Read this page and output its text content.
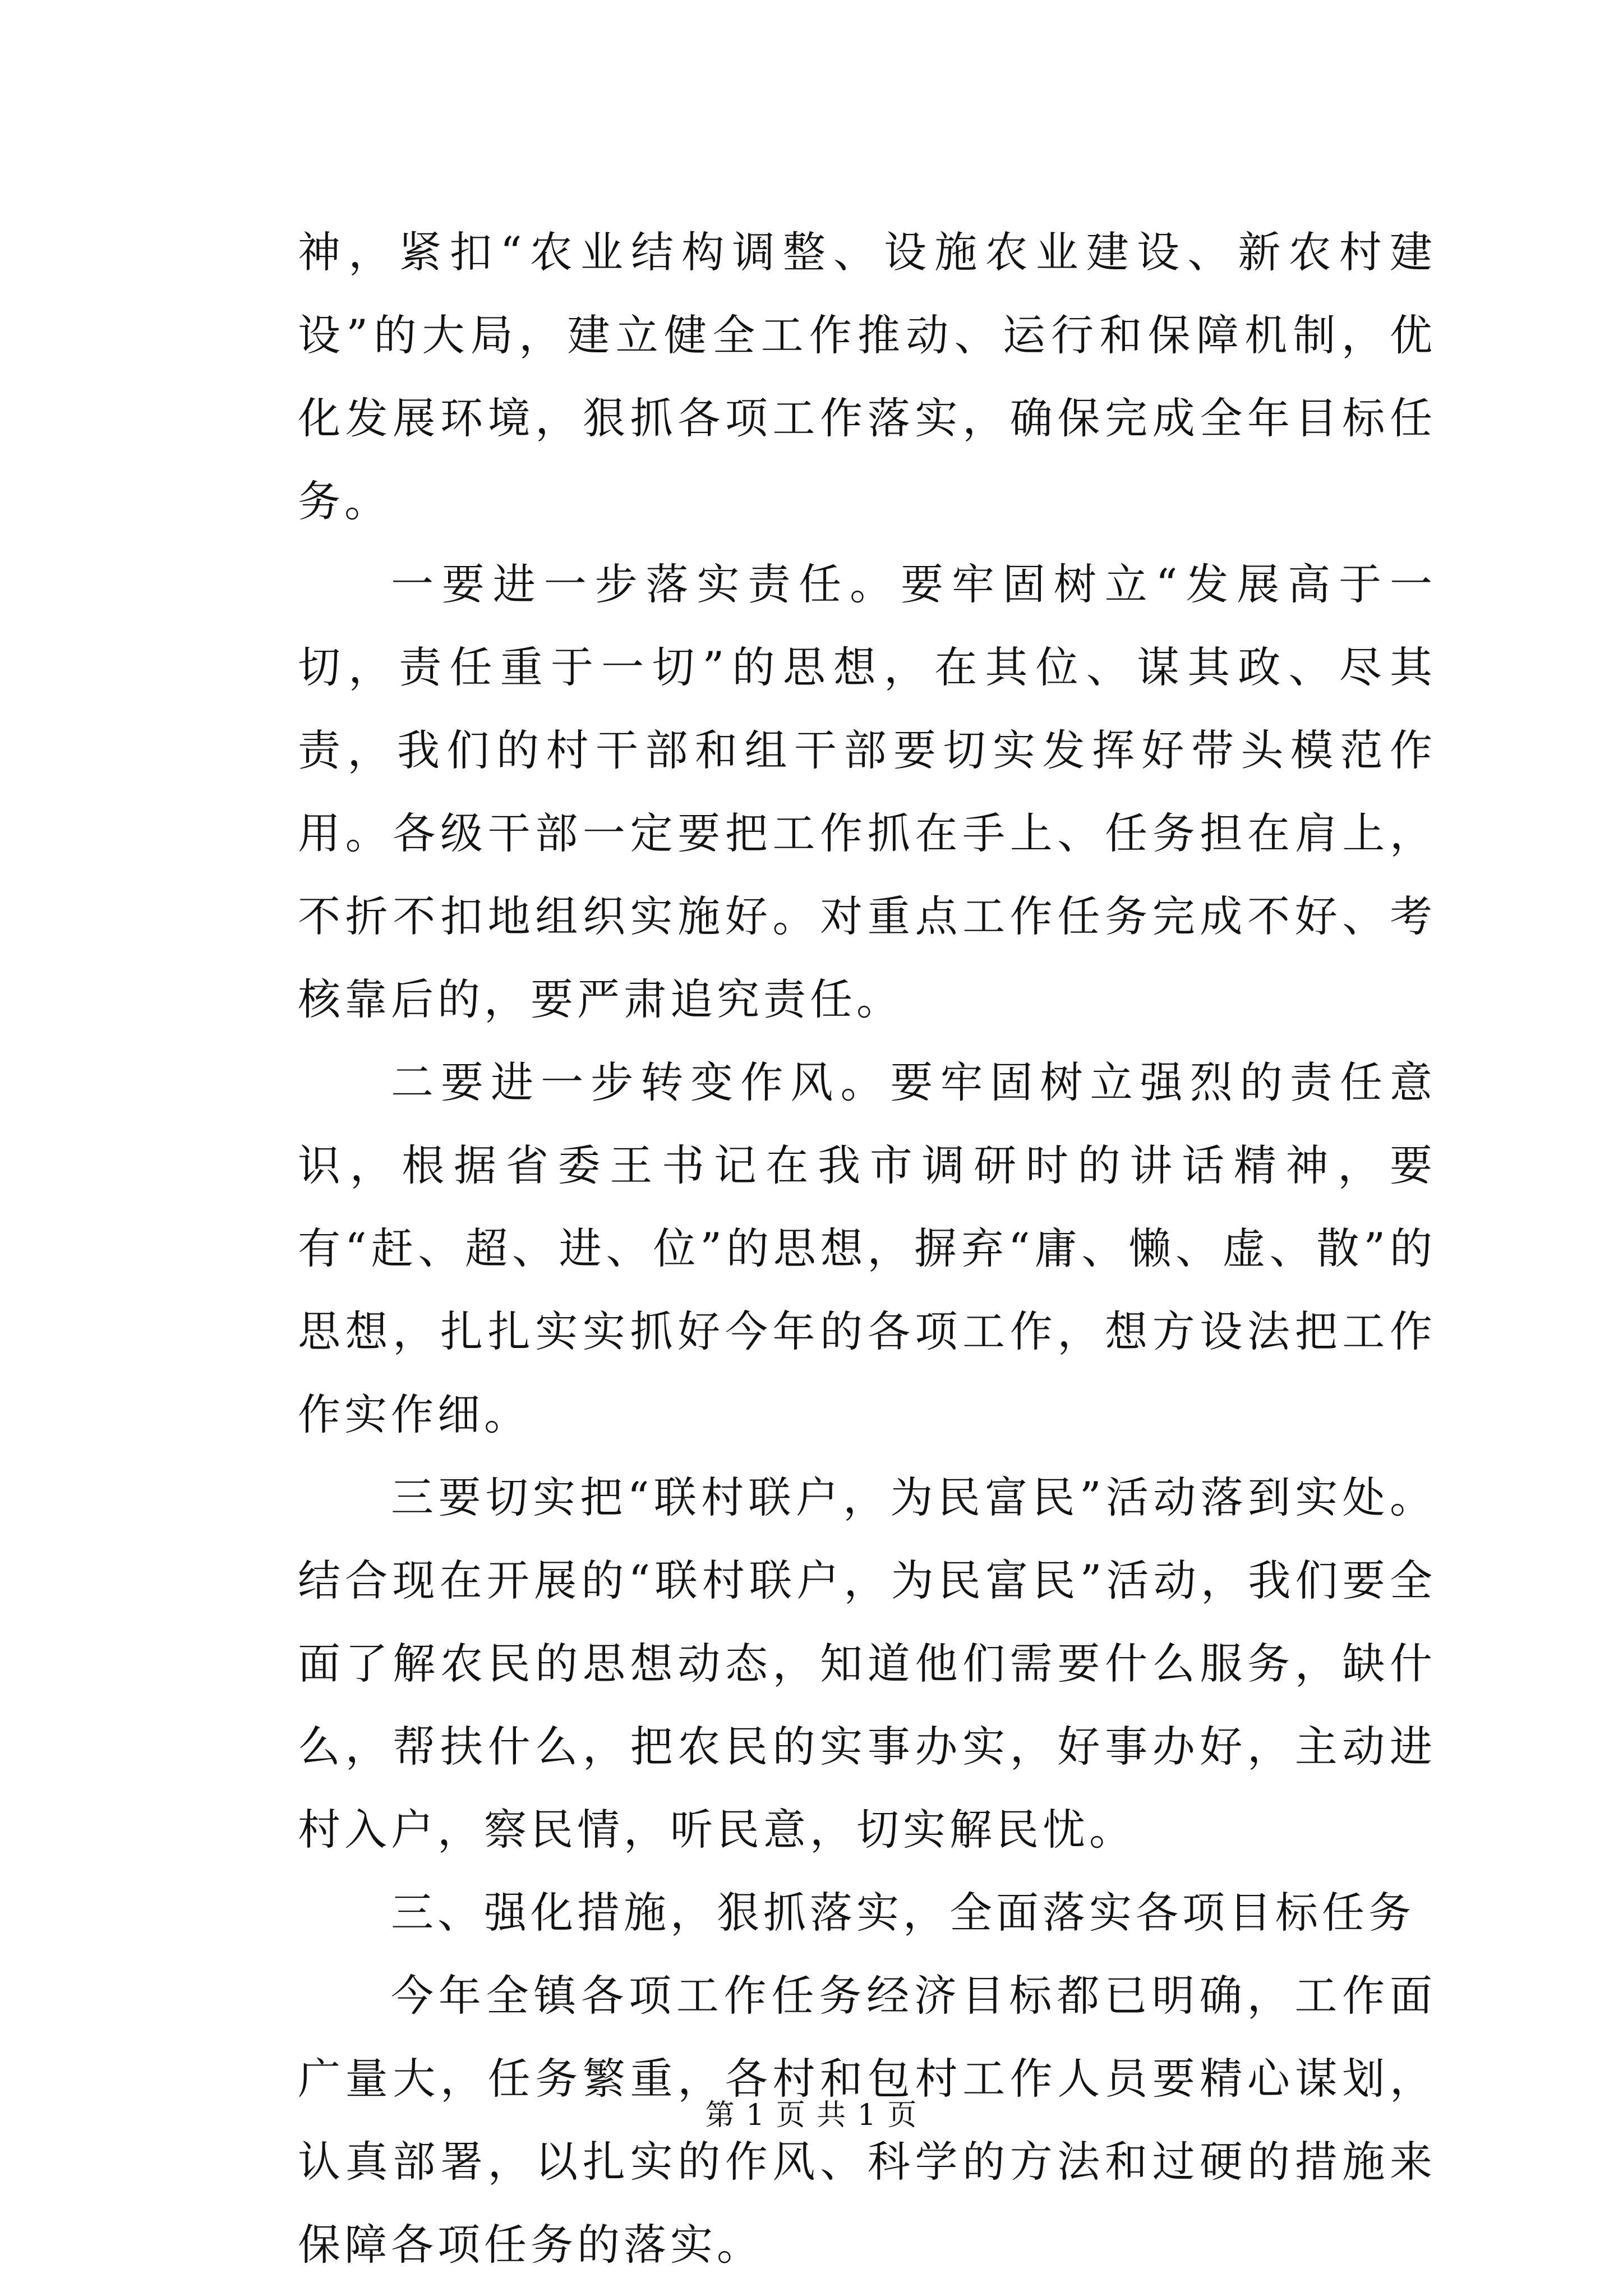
神，紧扣“农业结构调整、设施农业建设、新农村建设”的大局，建立健全工作推动、运行和保障机制，优化发展环境，狠抓各项工作落实，确保完成全年目标任务。

一要进一步落实责任。要牢固树立“发展高于一切，责任重于一切”的思想，在其位、谋其政、尽其责，我们的村干部和组干部要切实发挥好带头模范作用。各级干部一定要把工作抓在手上、任务担在肩上，不折不扣地组织实施好。对重点工作任务完成不好、考核靠后的，要严肃追究责任。

二要进一步转变作风。要牢固树立强烈的责任意识，根据省委王书记在我市调研时的讲话精神，要有“赶、超、进、位”的思想，摒弃“庸、懒、虚、散”的思想，扎扎实实抓好今年的各项工作，想方设法把工作作实作细。

三要切实把“联村联户，为民富民”活动落到实处。结合现在开展的“联村联户，为民富民”活动，我们要全面了解农民的思想动态，知道他们需要什么服务，缺什么，帮扶什么，把农民的实事办实，好事办好，主动进村入户，察民情，听民意，切实解民忧。

三、强化措施，狠抓落实，全面落实各项目标任务

今年全镇各项工作任务经济目标都已明确，工作面广量大，任务繁重，各村和包村工作人员要精心谋划，认真部署，以扎实的作风、科学的方法和过硬的措施来保障各项任务的落实。

第 1 页 共 1 页
